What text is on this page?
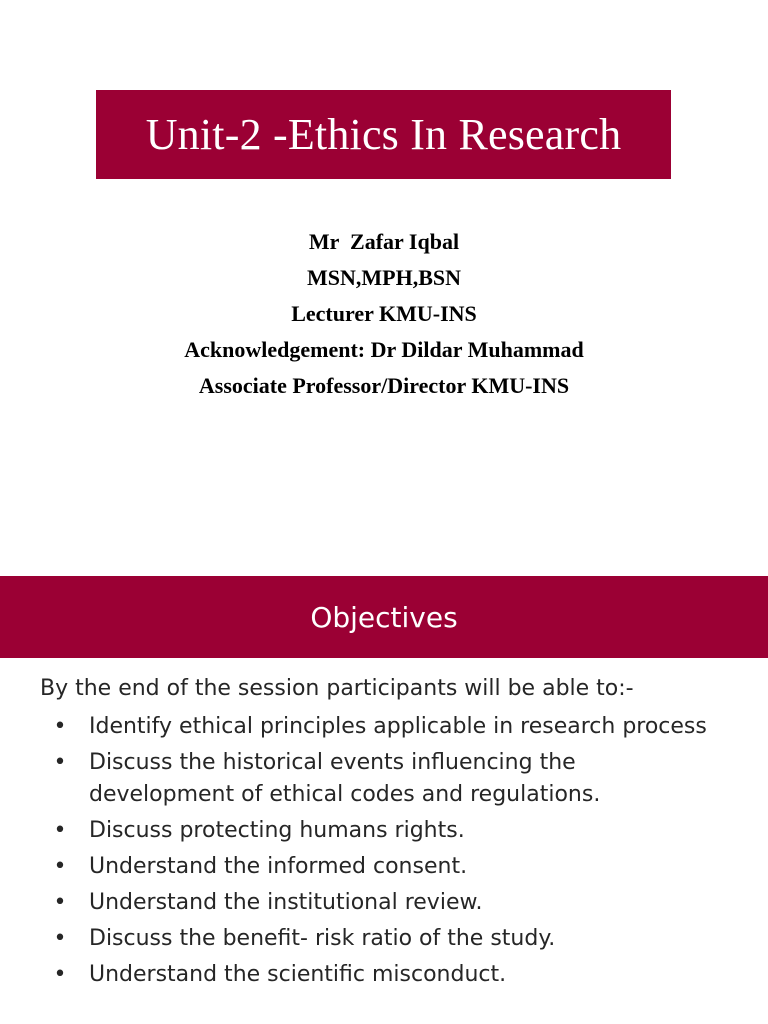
Unit-2 -Ethics In Research
Mr  Zafar Iqbal
MSN,MPH,BSN
Lecturer KMU-INS
Acknowledgement: Dr Dildar Muhammad
Associate Professor/Director KMU-INS
Objectives
By the end of the session participants will be able to:-
• Identify ethical principles applicable in research process
• Discuss the historical events influencing the development of ethical codes and regulations.
• Discuss protecting humans rights.
• Understand the informed consent.
• Understand the institutional review.
• Discuss the benefit- risk ratio of the study.
• Understand the scientific misconduct.
